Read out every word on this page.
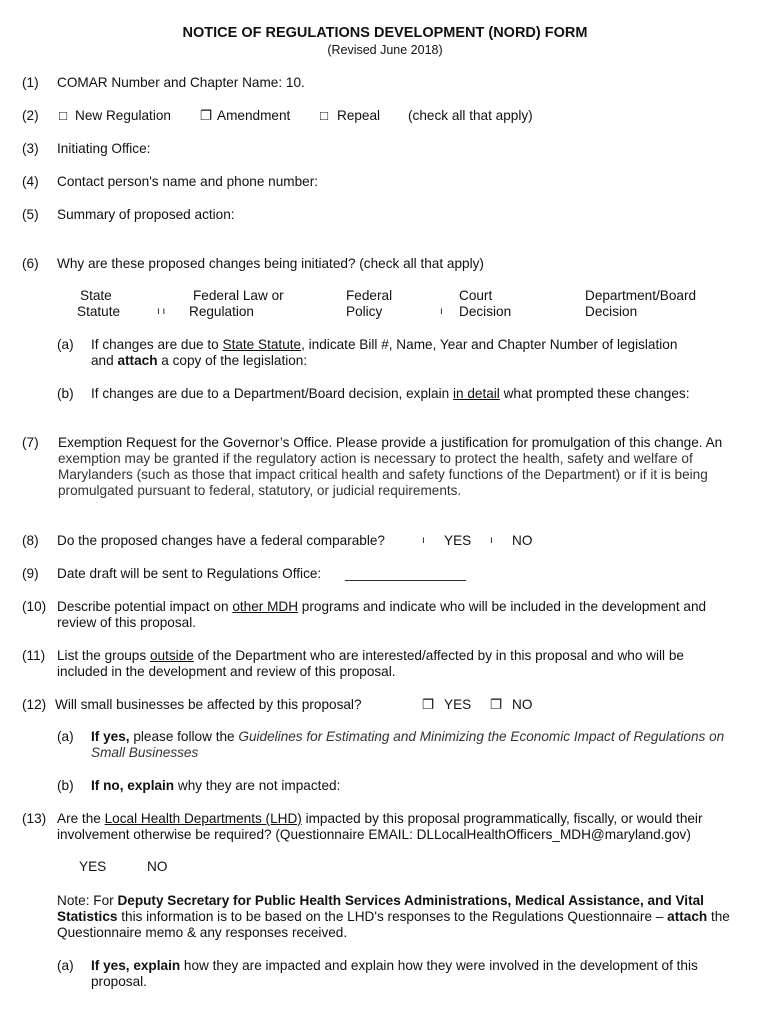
NOTICE OF REGULATIONS DEVELOPMENT (NORD) FORM
(Revised June 2018)
(1) COMAR Number and Chapter Name: 10.
(2) □ New Regulation ❐ Amendment □ Repeal (check all that apply)
(3) Initiating Office:
(4) Contact person's name and phone number:
(5) Summary of proposed action:
(6) Why are these proposed changes being initiated? (check all that apply)
State
Statute
Federal Law or
ı ı Regulation
Federal
Policy
Court
ı Decision
Department/Board
Decision
(a) If changes are due to State Statute, indicate Bill #, Name, Year and Chapter Number of legislation
and attach a copy of the legislation:
(b) If changes are due to a Department/Board decision, explain in detail what prompted these changes:
(7) Exemption Request for the Governor’s Office. Please provide a justification for promulgation of this change. An
exemption may be granted if the regulatory action is necessary to protect the health, safety and welfare of
Marylanders (such as those that impact critical health and safety functions of the Department) or if it is being
promulgated pursuant to federal, statutory, or judicial requirements.
(8) Do the proposed changes have a federal comparable?	ı YES ı NO
(9) Date draft will be sent to Regulations Office:	________________
(10) Describe potential impact on other MDH programs and indicate who will be included in the development and
review of this proposal.
(11) List the groups outside of the Department who are interested/affected by in this proposal and who will be
included in the development and review of this proposal.
(12) Will small businesses be affected by this proposal?	❐ YES ❐ NO
(a) If yes, please follow the Guidelines for Estimating and Minimizing the Economic Impact of Regulations on
Small Businesses
(b) If no, explain why they are not impacted:
(13) Are the Local Health Departments (LHD) impacted by this proposal programmatically, fiscally, or would their
involvement otherwise be required? (Questionnaire EMAIL: DLLocalHealthOfficers_MDH@maryland.gov)
YES	NO
Note: For Deputy Secretary for Public Health Services Administrations, Medical Assistance, and Vital
Statistics this information is to be based on the LHD's responses to the Regulations Questionnaire – attach the
Questionnaire memo & any responses received.
(a) If yes, explain how they are impacted and explain how they were involved in the development of this
proposal.
